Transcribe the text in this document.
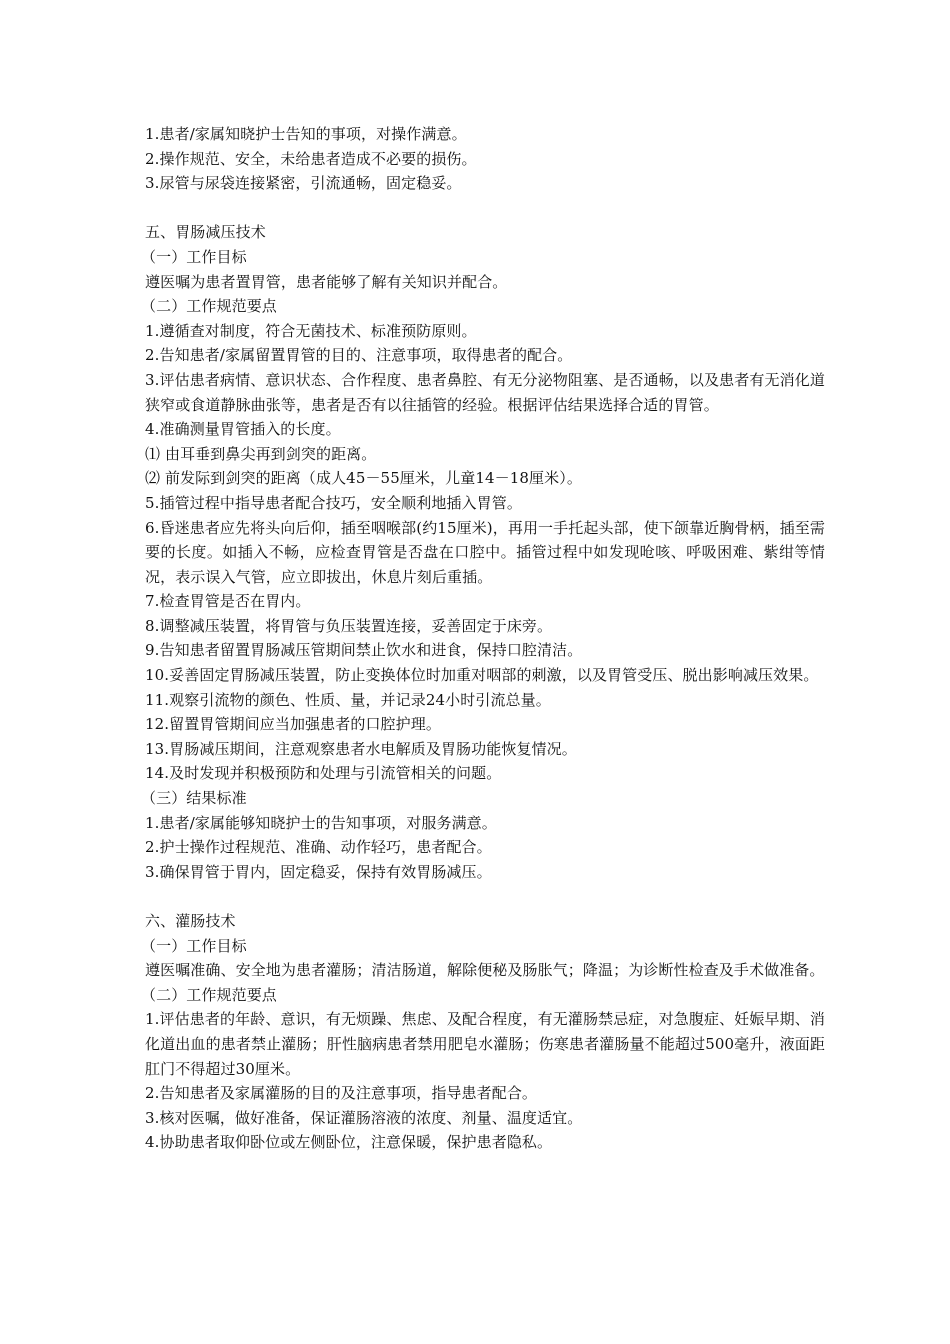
1.患者/家属知晓护士告知的事项，对操作满意。

2.操作规范、安全，未给患者造成不必要的损伤。

3.尿管与尿袋连接紧密，引流通畅，固定稳妥。

五、胃肠减压技术

（一）工作目标

遵医嘱为患者置胃管，患者能够了解有关知识并配合。

（二）工作规范要点

1.遵循查对制度，符合无菌技术、标准预防原则。

2.告知患者/家属留置胃管的目的、注意事项，取得患者的配合。

3.评估患者病情、意识状态、合作程度、患者鼻腔、有无分泌物阻塞、是否通畅，以及患者有无消化道狭窄或食道静脉曲张等，患者是否有以往插管的经验。根据评估结果选择合适的胃管。

4.准确测量胃管插入的长度。

⑴ 由耳垂到鼻尖再到剑突的距离。

⑵ 前发际到剑突的距离（成人45－55厘米，儿童14－18厘米）。

5.插管过程中指导患者配合技巧，安全顺利地插入胃管。

6.昏迷患者应先将头向后仰，插至咽喉部(约15厘米)，再用一手托起头部，使下颌靠近胸骨柄，插至需要的长度。如插入不畅，应检查胃管是否盘在口腔中。插管过程中如发现呛咳、呼吸困难、紫绀等情况，表示误入气管，应立即拔出，休息片刻后重插。

7.检查胃管是否在胃内。

8.调整减压装置，将胃管与负压装置连接，妥善固定于床旁。

9.告知患者留置胃肠减压管期间禁止饮水和进食，保持口腔清洁。

10.妥善固定胃肠减压装置，防止变换体位时加重对咽部的刺激，以及胃管受压、脱出影响减压效果。

11.观察引流物的颜色、性质、量，并记录24小时引流总量。

12.留置胃管期间应当加强患者的口腔护理。

13.胃肠减压期间，注意观察患者水电解质及胃肠功能恢复情况。

14.及时发现并积极预防和处理与引流管相关的问题。

（三）结果标准

1.患者/家属能够知晓护士的告知事项，对服务满意。

2.护士操作过程规范、准确、动作轻巧，患者配合。

3.确保胃管于胃内，固定稳妥，保持有效胃肠减压。

六、灌肠技术

（一）工作目标

遵医嘱准确、安全地为患者灌肠；清洁肠道，解除便秘及肠胀气；降温；为诊断性检查及手术做准备。

（二）工作规范要点

1.评估患者的年龄、意识，有无烦躁、焦虑、及配合程度，有无灌肠禁忌症，对急腹症、妊娠早期、消化道出血的患者禁止灌肠；肝性脑病患者禁用肥皂水灌肠；伤寒患者灌肠量不能超过500毫升，液面距肛门不得超过30厘米。

2.告知患者及家属灌肠的目的及注意事项，指导患者配合。

3.核对医嘱，做好准备，保证灌肠溶液的浓度、剂量、温度适宜。

4.协助患者取仰卧位或左侧卧位，注意保暖，保护患者隐私。
